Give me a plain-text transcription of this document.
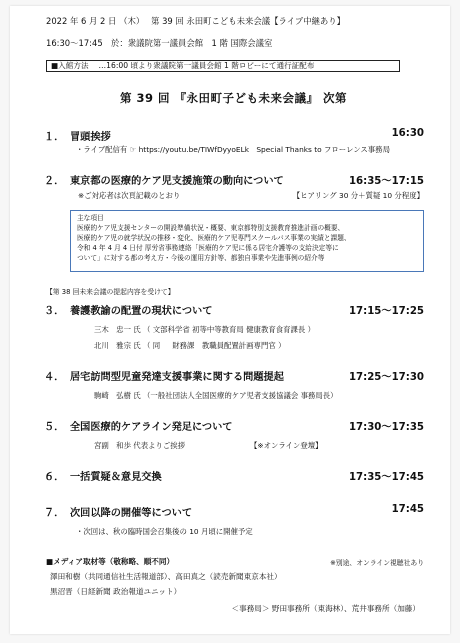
2022 年 6 月 2 日 （木）　 第 39 回 永田町こども未来会議【ライブ中継あり】
16:30～17:45　於：衆議院第一議員会館　1 階 国際会議室
■入館方法 　…16:00 頃より衆議院第一議員会館 1 階ロビーにて通行証配布
第 39 回 『永田町子ども未来会議』 次第
１． 冒頭挨拶	16:30
・ライブ配信有 ☞ https://youtu.be/TIWfDyyoELk　Special Thanks to フローレンス事務局
２． 東京都の医療的ケア児支援施策の動向について	16:35～17:15
※ご対応者は次頁記載のとおり	【ヒアリング 30 分＋質疑 10 分程度】
主な項目
医療的ケア児支援センターの開設準備状況・概要、東京都特別支援教育推進計画の概要、
医療的ケア児の就学状況の推移・変化、医療的ケア児専門スクールバス事業の実績と課題、
令和 4 年 4 月 4 日付 厚労省事務連絡「医療的ケア児に係る居宅介護等の支給決定等に
ついて」に対する都の考え方・今後の運用方針等、都独自事業や先進事例の紹介等
【第 38 回未来会議の提起内容を受けて】
３． 養護教諭の配置の現状について	17:15～17:25
三木　忠一 氏 （ 文部科学省 初等中等教育局 健康教育食育課長 ）
北川　雅宗 氏 （ 同 　 財務課　教職員配置計画専門官 ）
４． 居宅訪問型児童発達支援事業に関する問題提起	17:25～17:30
駒崎　弘樹 氏 （一般社団法人全国医療的ケア児者支援協議会 事務局長）
５． 全国医療的ケアライン発足について	17:30～17:35
宮副　和歩 代表よりご挨拶	【※オンライン登壇】
６． 一括質疑＆意見交換	17:35～17:45
７． 次回以降の開催等について	17:45
・次回は、秋の臨時国会召集後の 10 月頃に開催予定
■メディア取材等（敬称略、順不同）	※別途、オンライン視聴社あり
澤田和樹（共同通信社生活報道部）、高田真之（読売新聞東京本社）
黒沼晋（日経新聞 政治報道ユニット）
＜事務局＞ 野田事務所（東海林）、荒井事務所（加藤）
